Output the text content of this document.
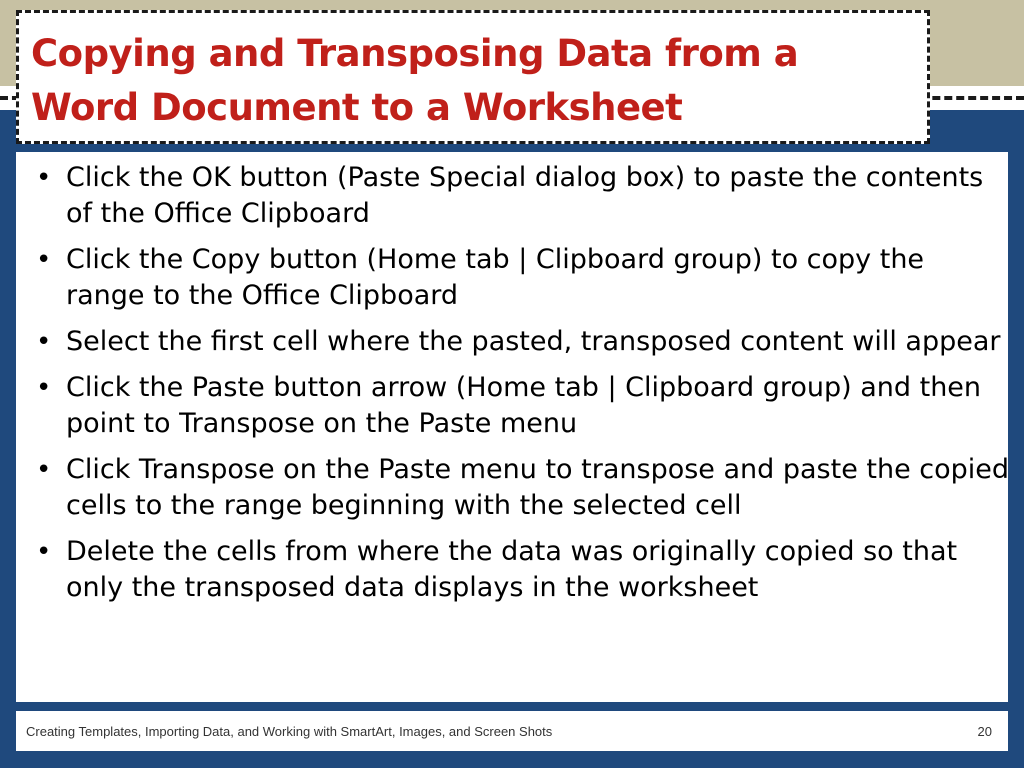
• Click the OK button (Paste Special dialog box) to paste the contents of the Office Clipboard
• Click the Copy button (Home tab | Clipboard group) to copy the range to the Office Clipboard
• Select the first cell where the pasted, transposed content will appear
• Click the Paste button arrow (Home tab | Clipboard group) and then point to Transpose on the Paste menu
• Click Transpose on the Paste menu to transpose and paste the copied cells to the range beginning with the selected cell
• Delete the cells from where the data was originally copied so that only the transposed data displays in the worksheet
Copying and Transposing Data from a Word Document to a Worksheet
Creating Templates, Importing Data, and Working with SmartArt, Images, and Screen Shots	20
